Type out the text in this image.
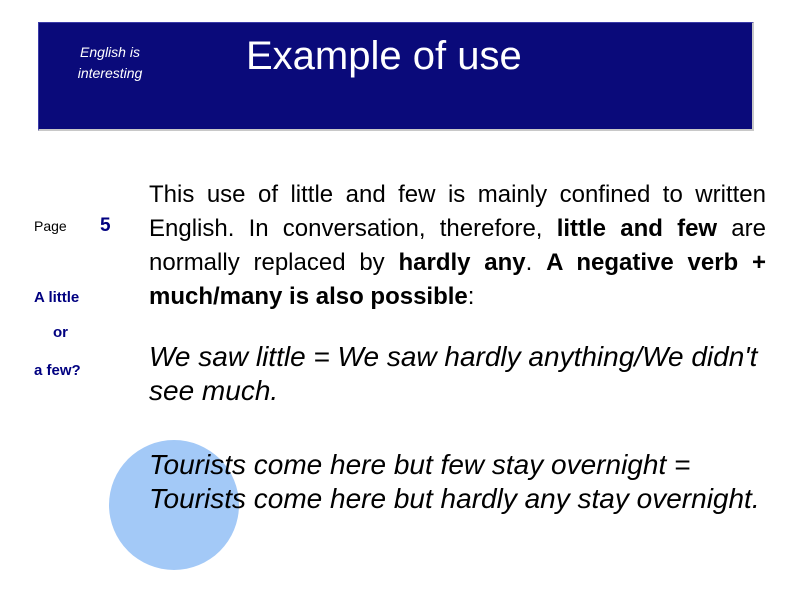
English is interesting	Example of use
Page 5
A little
or
a few?
This use of little and few is mainly confined to written English. In conversation, therefore, little and few are normally replaced by hardly any. A negative verb + much/many is also possible:
We saw little = We saw hardly anything/We didn't see much.
Tourists come here but few stay overnight = Tourists come here but hardly any stay overnight.
